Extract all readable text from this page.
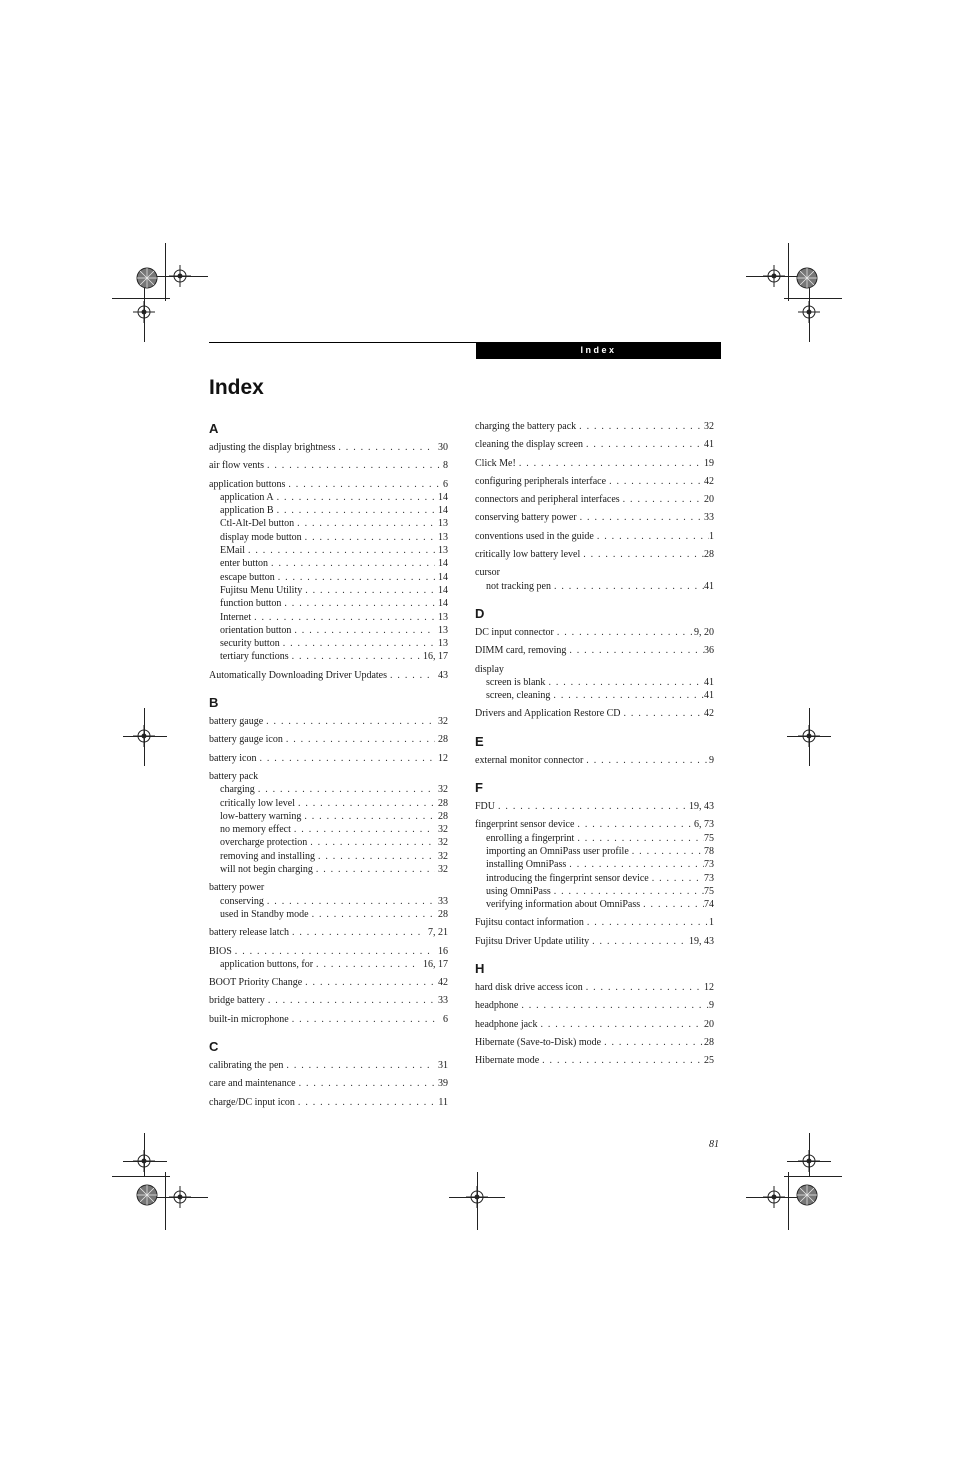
Index
Index
A
adjusting the display brightness . . .	30
air flow vents . . .	8
application buttons . . .	6
application A . . .	14
application B . . .	14
Ctl-Alt-Del button . . .	13
display mode button . . .	13
EMail . . .	13
enter button . . .	14
escape button . . .	14
Fujitsu Menu Utility . . .	14
function button . . .	14
Internet . . .	13
orientation button . . .	13
security button . . .	13
tertiary functions . . .	16, 17
Automatically Downloading Driver Updates . . .	43
B
battery gauge . . .	32
battery gauge icon . . .	28
battery icon . . .	12
battery pack
charging . . .	32
critically low level . . .	28
low-battery warning . . .	28
no memory effect . . .	32
overcharge protection . . .	32
removing and installing . . .	32
will not begin charging . . .	32
battery power
conserving . . .	33
used in Standby mode . . .	28
battery release latch . . .	7, 21
BIOS . . .	16
application buttons, for . . .	16, 17
BOOT Priority Change . . .	42
bridge battery . . .	33
built-in microphone . . .	6
C
calibrating the pen . . .	31
care and maintenance . . .	39
charge/DC input icon . . .	11
charging the battery pack . . .	32
cleaning the display screen . . .	41
Click Me! . . .	19
configuring peripherals interface . . .	42
connectors and peripheral interfaces . . .	20
conserving battery power . . .	33
conventions used in the guide . . .	1
critically low battery level . . .	28
cursor
not tracking pen . . .	41
D
DC input connector . . .	9, 20
DIMM card, removing . . .	36
display
screen is blank . . .	41
screen, cleaning . . .	41
Drivers and Application Restore CD . . .	42
E
external monitor connector . . .	9
F
FDU . . .	19, 43
fingerprint sensor device . . .	6, 73
enrolling a fingerprint . . .	75
importing an OmniPass user profile . . .	78
installing OmniPass . . .	73
introducing the fingerprint sensor device . . .	73
using OmniPass . . .	75
verifying information about OmniPass . . .	74
Fujitsu contact information . . .	1
Fujitsu Driver Update utility . . .	19, 43
H
hard disk drive access icon . . .	12
headphone . . .	9
headphone jack . . .	20
Hibernate (Save-to-Disk) mode . . .	28
Hibernate mode . . .	25
81
